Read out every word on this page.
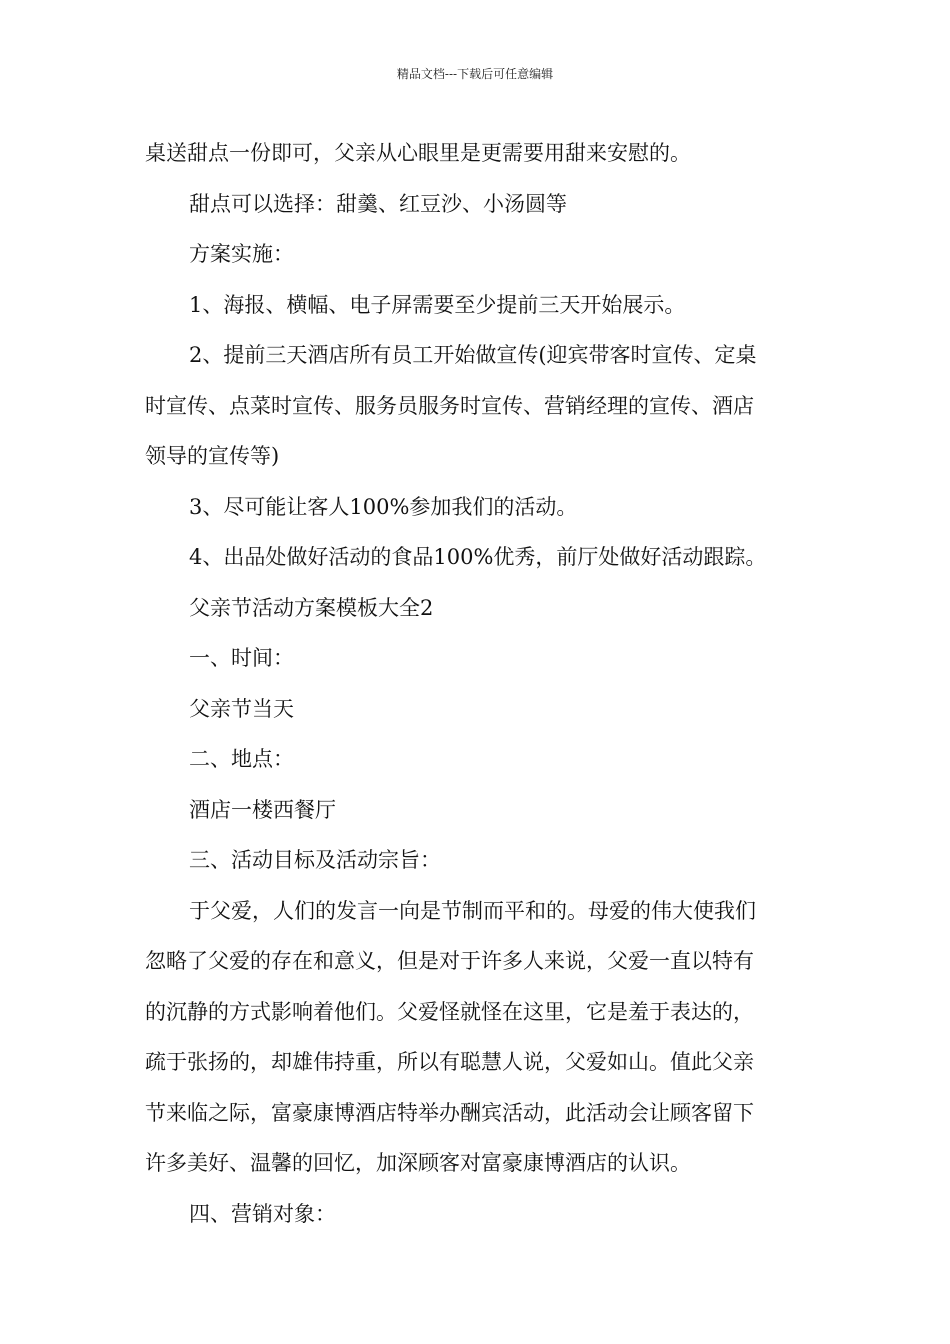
精品文档---下载后可任意编辑

桌送甜点一份即可，父亲从心眼里是更需要用甜来安慰的。

甜点可以选择：甜羹、红豆沙、小汤圆等

方案实施：

1、海报、横幅、电子屏需要至少提前三天开始展示。

2、提前三天酒店所有员工开始做宣传(迎宾带客时宣传、定桌

时宣传、点菜时宣传、服务员服务时宣传、营销经理的宣传、酒店

领导的宣传等)

3、尽可能让客人100%参加我们的活动。

4、出品处做好活动的食品100%优秀，前厅处做好活动跟踪。

父亲节活动方案模板大全2

一、时间：

父亲节当天

二、地点：

酒店一楼西餐厅

三、活动目标及活动宗旨：

于父爱，人们的发言一向是节制而平和的。母爱的伟大使我们

忽略了父爱的存在和意义，但是对于许多人来说，父爱一直以特有

的沉静的方式影响着他们。父爱怪就怪在这里，它是羞于表达的，

疏于张扬的，却雄伟持重，所以有聪慧人说，父爱如山。值此父亲

节来临之际，富豪康博酒店特举办酬宾活动，此活动会让顾客留下

许多美好、温馨的回忆，加深顾客对富豪康博酒店的认识。

四、营销对象：
